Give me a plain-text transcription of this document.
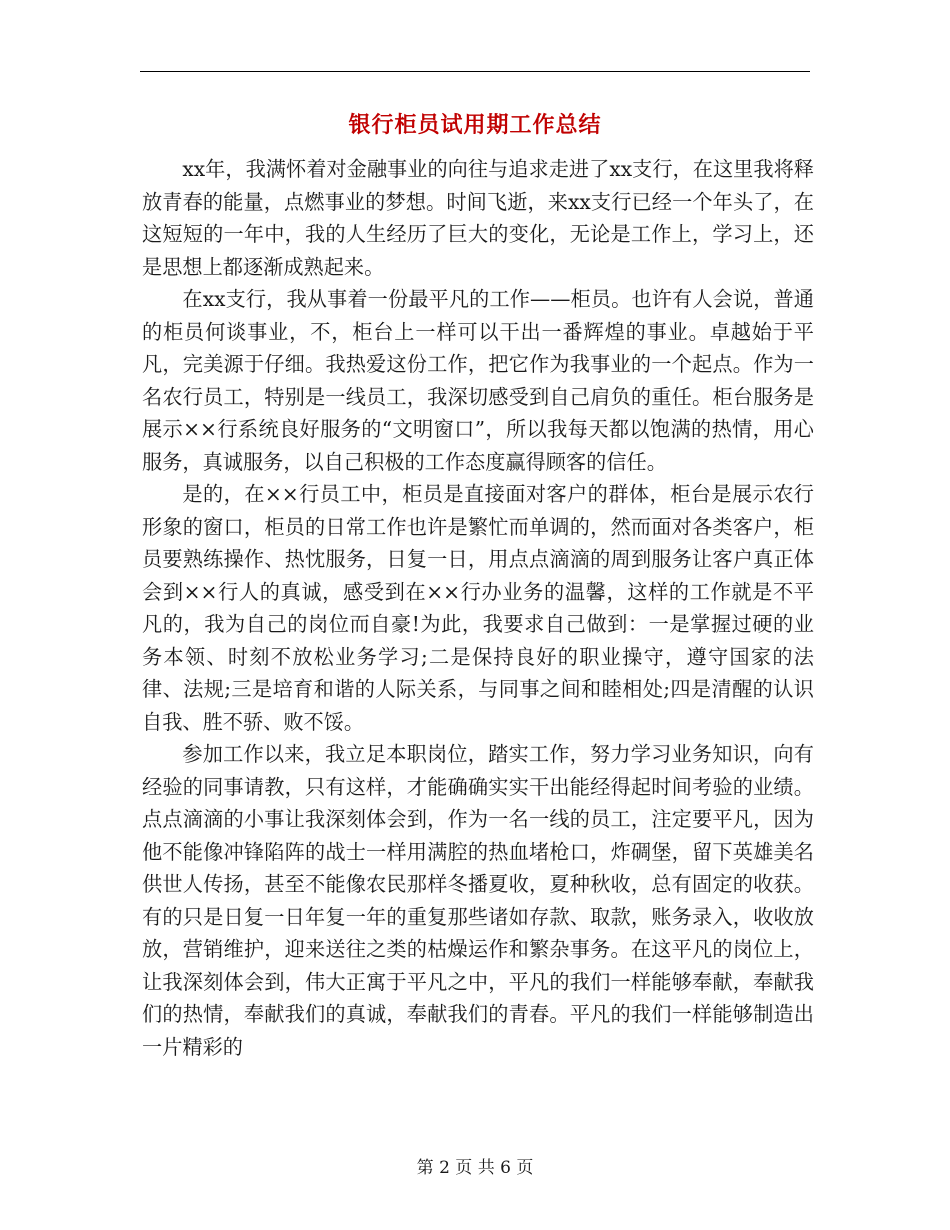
银行柜员试用期工作总结

xx年，我满怀着对金融事业的向往与追求走进了xx支行，在这里我将释放青春的能量，点燃事业的梦想。时间飞逝，来xx支行已经一个年头了，在这短短的一年中，我的人生经历了巨大的变化，无论是工作上，学习上，还是思想上都逐渐成熟起来。

在xx支行，我从事着一份最平凡的工作——柜员。也许有人会说，普通的柜员何谈事业，不，柜台上一样可以干出一番辉煌的事业。卓越始于平凡，完美源于仔细。我热爱这份工作，把它作为我事业的一个起点。作为一名农行员工，特别是一线员工，我深切感受到自己肩负的重任。柜台服务是展示××行系统良好服务的“文明窗口”，所以我每天都以饱满的热情，用心服务，真诚服务，以自己积极的工作态度赢得顾客的信任。

是的，在××行员工中，柜员是直接面对客户的群体，柜台是展示农行形象的窗口，柜员的日常工作也许是繁忙而单调的，然而面对各类客户，柜员要熟练操作、热忱服务，日复一日，用点点滴滴的周到服务让客户真正体会到××行人的真诚，感受到在××行办业务的温馨，这样的工作就是不平凡的，我为自己的岗位而自豪!为此，我要求自己做到：一是掌握过硬的业务本领、时刻不放松业务学习;二是保持良好的职业操守，遵守国家的法律、法规;三是培育和谐的人际关系，与同事之间和睦相处;四是清醒的认识自我、胜不骄、败不馁。

参加工作以来，我立足本职岗位，踏实工作，努力学习业务知识，向有经验的同事请教，只有这样，才能确确实实干出能经得起时间考验的业绩。点点滴滴的小事让我深刻体会到，作为一名一线的员工，注定要平凡，因为他不能像冲锋陷阵的战士一样用满腔的热血堵枪口，炸碉堡，留下英雄美名供世人传扬，甚至不能像农民那样冬播夏收，夏种秋收，总有固定的收获。有的只是日复一日年复一年的重复那些诸如存款、取款，账务录入，收收放放，营销维护，迎来送往之类的枯燥运作和繁杂事务。在这平凡的岗位上，让我深刻体会到，伟大正寓于平凡之中，平凡的我们一样能够奉献，奉献我们的热情，奉献我们的真诚，奉献我们的青春。平凡的我们一样能够制造出一片精彩的

第 2 页 共 6 页
